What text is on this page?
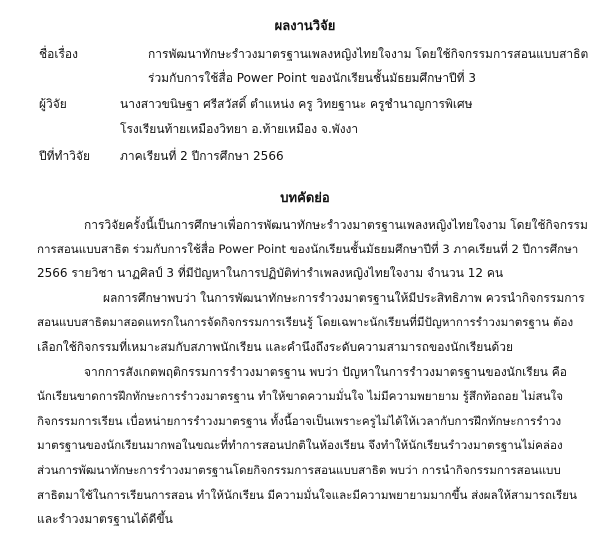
ผลงานวิจัย
ชื่อเรื่อง	การพัฒนาทักษะรำวงมาตรฐานเพลงหญิงไทยใจงาม โดยใช้กิจกรรมการสอนแบบสาธิต
ร่วมกับการใช้สื่อ Power Point ของนักเรียนชั้นมัธยมศึกษาปีที่ 3
ผู้วิจัย	นางสาวขนิษฐา ศรีสวัสดิ์ ตำแหน่ง ครู วิทยฐานะ ครูชำนาญการพิเศษ
โรงเรียนท้ายเหมืองวิทยา อ.ท้ายเหมือง จ.พังงา
ปีที่ทำวิจัย	ภาคเรียนที่ 2 ปีการศึกษา 2566
บทคัดย่อ
การวิจัยครั้งนี้เป็นการศึกษาเพื่อการพัฒนาทักษะรำวงมาตรฐานเพลงหญิงไทยใจงาม โดยใช้กิจกรรม
การสอนแบบสาธิต ร่วมกับการใช้สื่อ Power Point ของนักเรียนชั้นมัธยมศึกษาปีที่ 3 ภาคเรียนที่ 2 ปีการศึกษา
2566 รายวิชา นาฏศิลป์ 3 ที่มีปัญหาในการปฏิบัติท่ารำเพลงหญิงไทยใจงาม จำนวน 12 คน
ผลการศึกษาพบว่า ในการพัฒนาทักษะการรำวงมาตรฐานให้มีประสิทธิภาพ ควรนำกิจกรรมการ
สอนแบบสาธิตมาสอดแทรกในการจัดกิจกรรมการเรียนรู้ โดยเฉพาะนักเรียนที่มีปัญหาการรำวงมาตรฐาน ต้อง
เลือกใช้กิจกรรมที่เหมาะสมกับสภาพนักเรียน และคำนึงถึงระดับความสามารถของนักเรียนด้วย
จากการสังเกตพฤติกรรมการรำวงมาตรฐาน พบว่า ปัญหาในการรำวงมาตรฐานของนักเรียน คือ
นักเรียนขาดการฝึกทักษะการรำวงมาตรฐาน ทำให้ขาดความมั่นใจ ไม่มีความพยายาม รู้สึกท้อถอย ไม่สนใจ
กิจกรรมการเรียน เบื่อหน่ายการรำวงมาตรฐาน ทั้งนี้อาจเป็นเพราะครูไม่ได้ให้เวลากับการฝึกทักษะการรำวง
มาตรฐานของนักเรียนมากพอในขณะที่ทำการสอนปกติในห้องเรียน จึงทำให้นักเรียนรำวงมาตรฐานไม่คล่อง
ส่วนการพัฒนาทักษะการรำวงมาตรฐานโดยกิจกรรมการสอนแบบสาธิต พบว่า การนำกิจกรรมการสอนแบบ
สาธิตมาใช้ในการเรียนการสอน ทำให้นักเรียน มีความมั่นใจและมีความพยายามมากขึ้น ส่งผลให้สามารถเรียน
และรำวงมาตรฐานได้ดีขึ้น
